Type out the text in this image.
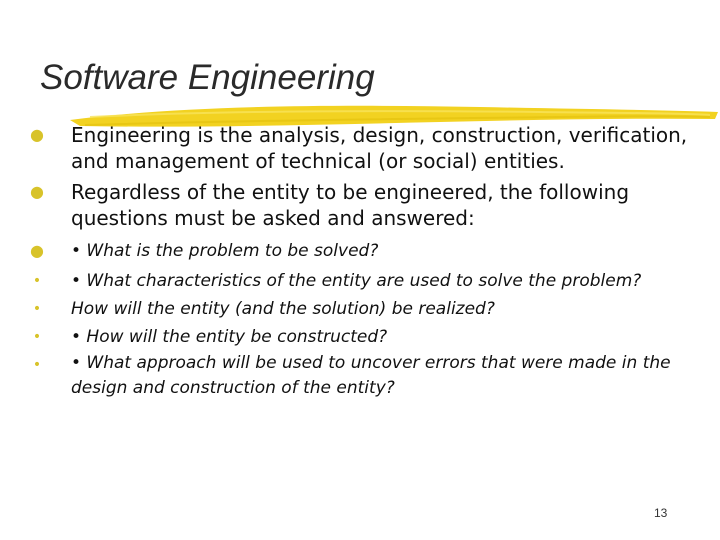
Software Engineering
● Engineering is the analysis, design, construction, verification, and management of technical (or social) entities.
● Regardless of the entity to be engineered, the following questions must be asked and answered:
● • What is the problem to be solved?
• • What characteristics of the entity are used to solve the problem?
• How will the entity (and the solution) be realized?
• • How will the entity be constructed?
• • What approach will be used to uncover errors that were made in the design and construction of the entity?
13
